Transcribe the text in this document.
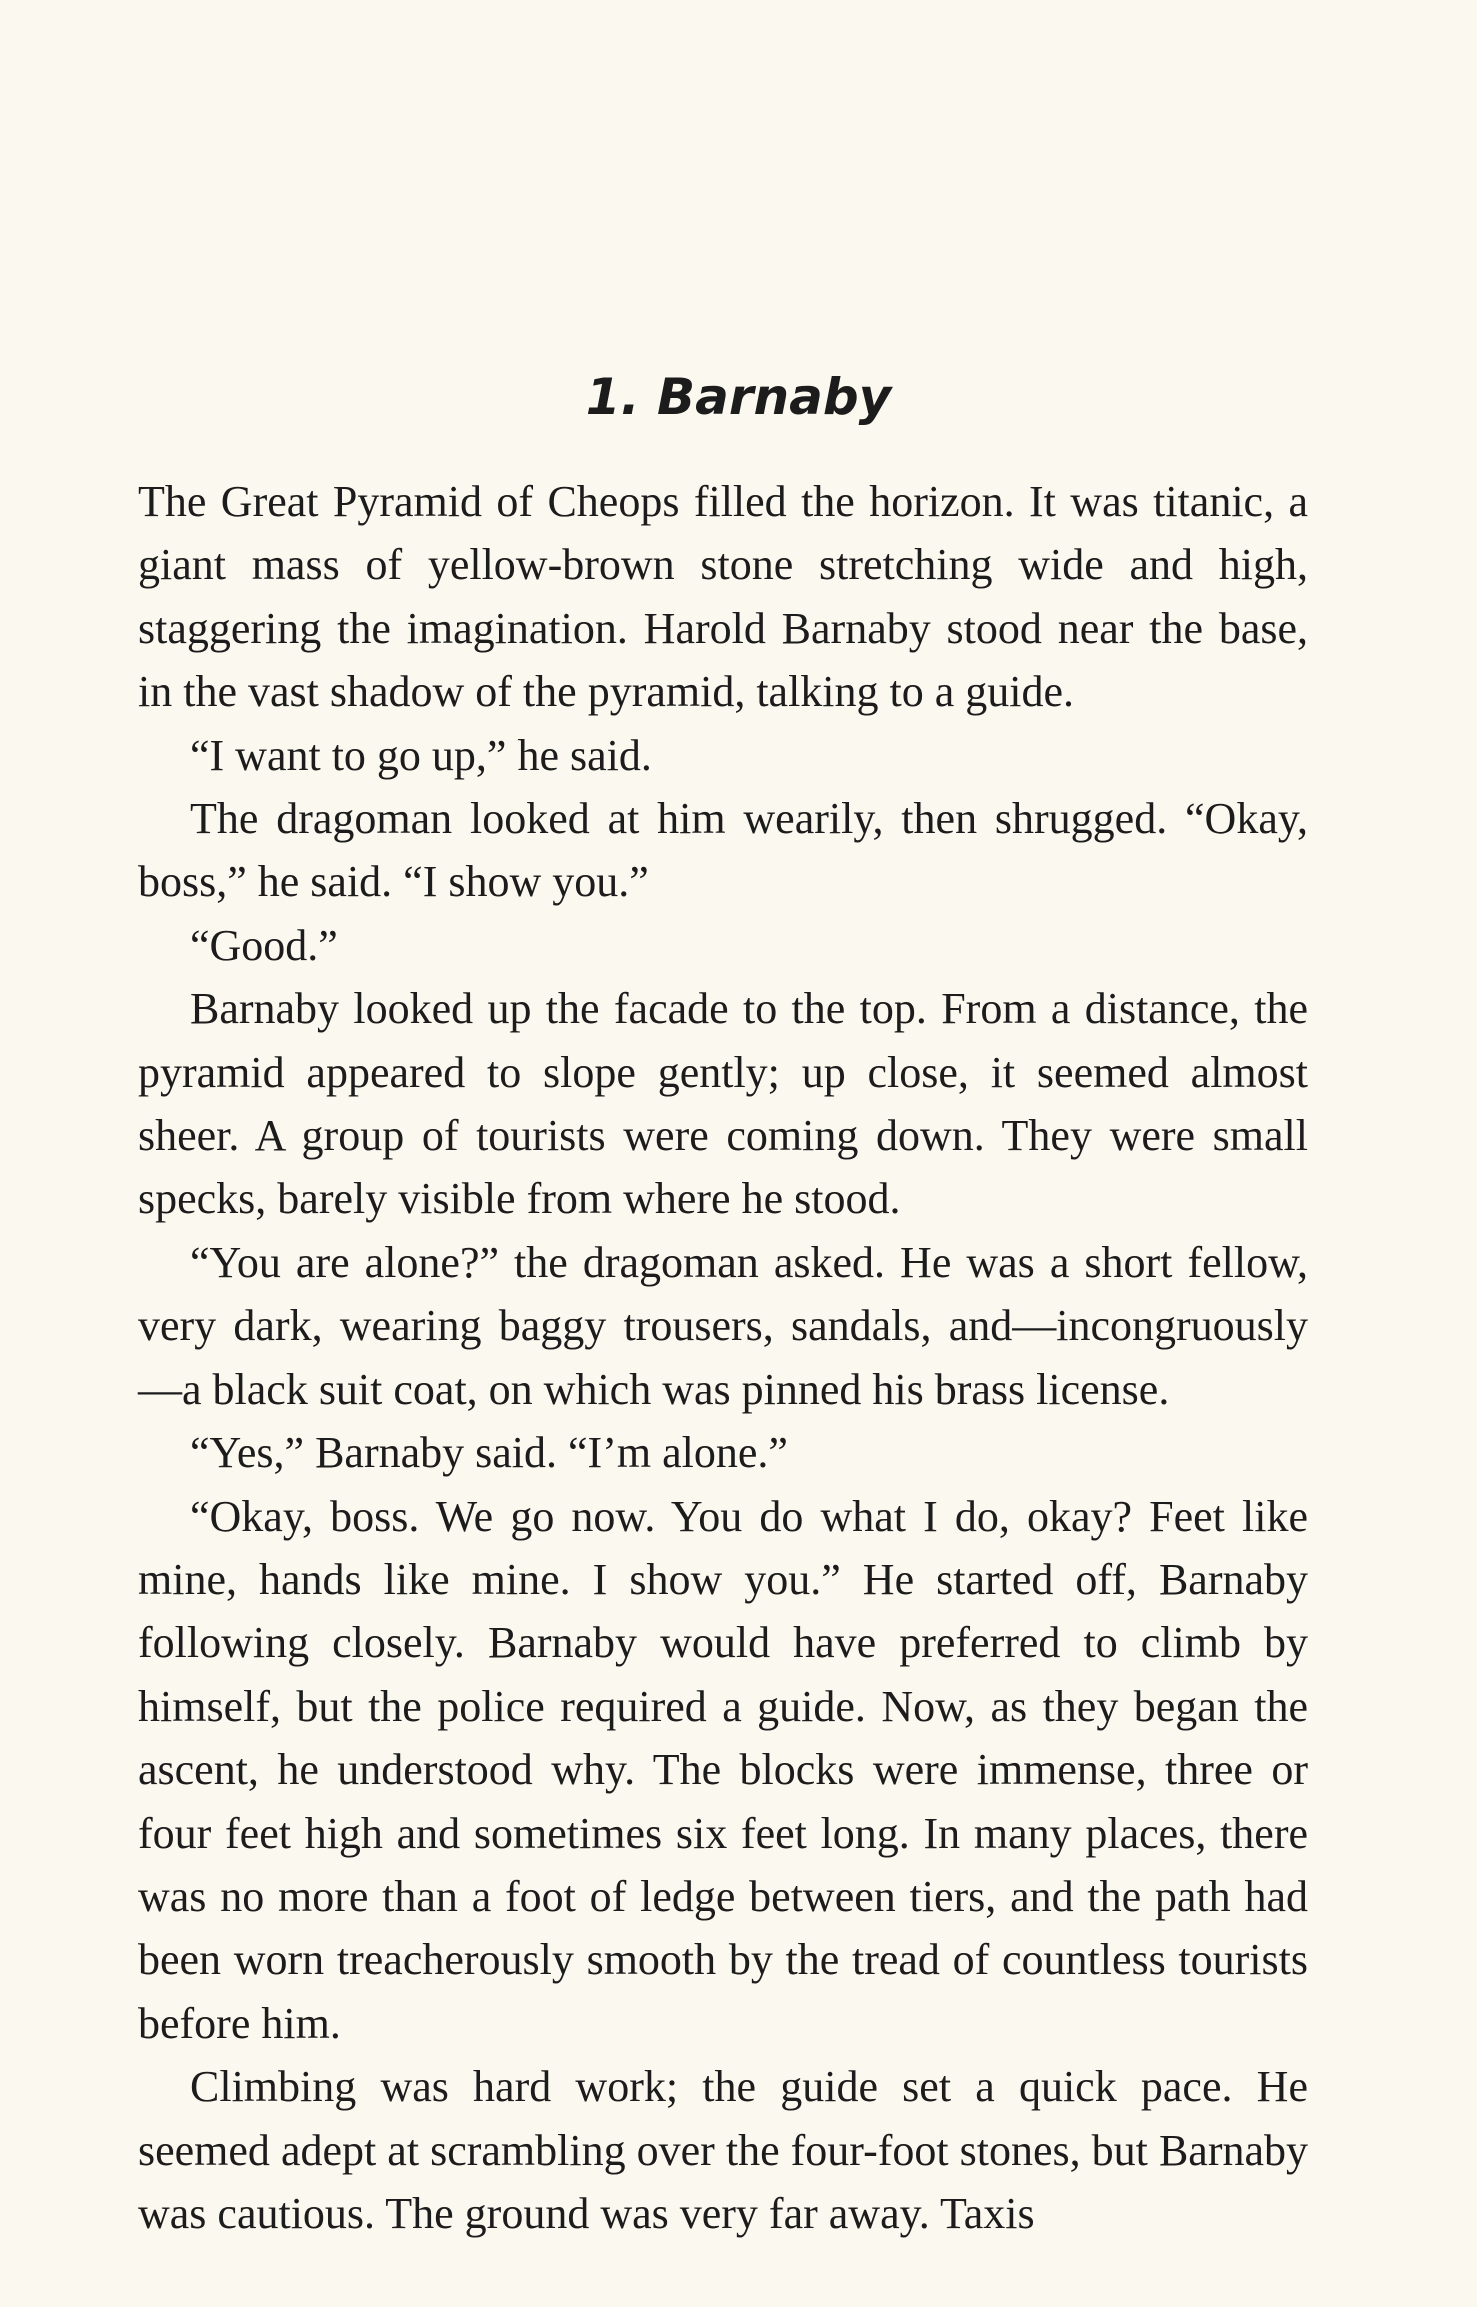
1. Barnaby

The Great Pyramid of Cheops filled the horizon. It was titanic, a giant mass of yellow-brown stone stretching wide and high, staggering the imagination. Harold Barnaby stood near the base, in the vast shadow of the pyramid, talking to a guide.

“I want to go up,” he said.

The dragoman looked at him wearily, then shrugged. “Okay, boss,” he said. “I show you.”

“Good.”

Barnaby looked up the facade to the top. From a distance, the pyramid appeared to slope gently; up close, it seemed almost sheer. A group of tourists were coming down. They were small specks, barely visible from where he stood.

“You are alone?” the dragoman asked. He was a short fellow, very dark, wearing baggy trousers, sandals, and—incongruously—a black suit coat, on which was pinned his brass license.

“Yes,” Barnaby said. “I’m alone.”

“Okay, boss. We go now. You do what I do, okay? Feet like mine, hands like mine. I show you.” He started off, Barnaby following closely. Barnaby would have preferred to climb by himself, but the police required a guide. Now, as they began the ascent, he understood why. The blocks were immense, three or four feet high and sometimes six feet long. In many places, there was no more than a foot of ledge between tiers, and the path had been worn treacherously smooth by the tread of countless tourists before him.

Climbing was hard work; the guide set a quick pace. He seemed adept at scrambling over the four-foot stones, but Barnaby was cautious. The ground was very far away. Taxis
